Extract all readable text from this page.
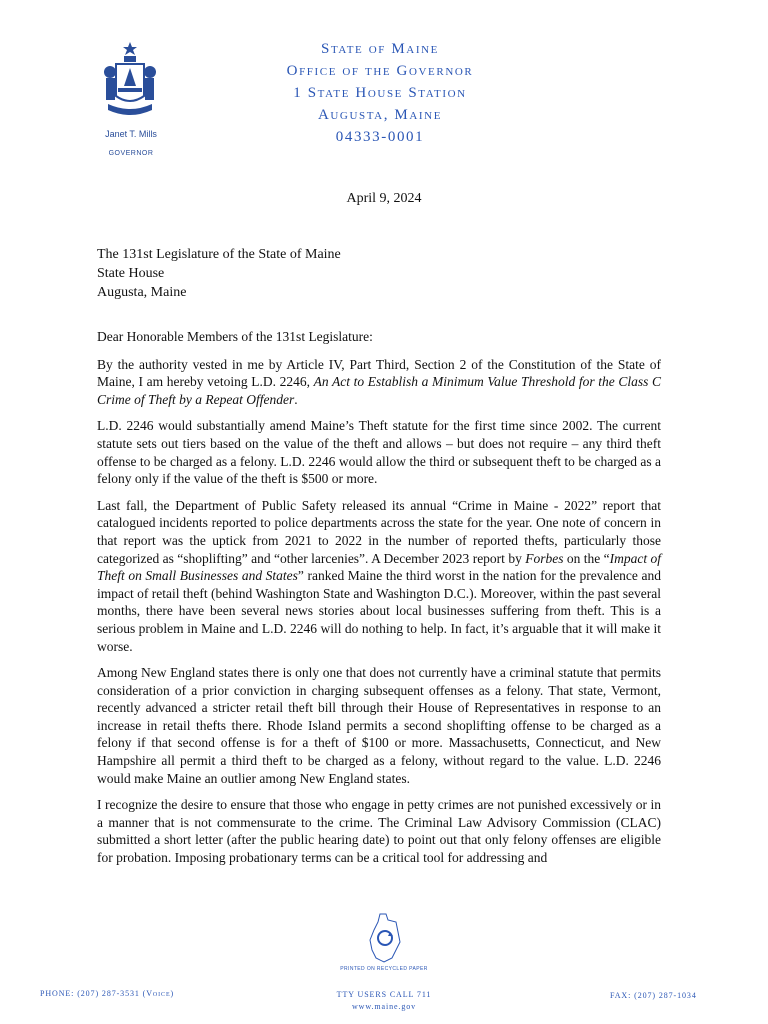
Janet T. Mills
GOVERNOR
State of Maine
Office of the Governor
1 State House Station
Augusta, Maine
04333-0001
April 9, 2024
The 131st Legislature of the State of Maine
State House
Augusta, Maine

Dear Honorable Members of the 131st Legislature:

By the authority vested in me by Article IV, Part Third, Section 2 of the Constitution of the State of Maine, I am hereby vetoing L.D. 2246, An Act to Establish a Minimum Value Threshold for the Class C Crime of Theft by a Repeat Offender.

L.D. 2246 would substantially amend Maine’s Theft statute for the first time since 2002. The current statute sets out tiers based on the value of the theft and allows – but does not require – any third theft offense to be charged as a felony. L.D. 2246 would allow the third or subsequent theft to be charged as a felony only if the value of the theft is $500 or more.

Last fall, the Department of Public Safety released its annual “Crime in Maine - 2022” report that catalogued incidents reported to police departments across the state for the year. One note of concern in that report was the uptick from 2021 to 2022 in the number of reported thefts, particularly those categorized as “shoplifting” and “other larcenies”. A December 2023 report by Forbes on the “Impact of Theft on Small Businesses and States” ranked Maine the third worst in the nation for the prevalence and impact of retail theft (behind Washington State and Washington D.C.). Moreover, within the past several months, there have been several news stories about local businesses suffering from theft. This is a serious problem in Maine and L.D. 2246 will do nothing to help. In fact, it’s arguable that it will make it worse.

Among New England states there is only one that does not currently have a criminal statute that permits consideration of a prior conviction in charging subsequent offenses as a felony. That state, Vermont, recently advanced a stricter retail theft bill through their House of Representatives in response to an increase in retail thefts there. Rhode Island permits a second shoplifting offense to be charged as a felony if that second offense is for a theft of $100 or more. Massachusetts, Connecticut, and New Hampshire all permit a third theft to be charged as a felony, without regard to the value. L.D. 2246 would make Maine an outlier among New England states.

I recognize the desire to ensure that those who engage in petty crimes are not punished excessively or in a manner that is not commensurate to the crime. The Criminal Law Advisory Commission (CLAC) submitted a short letter (after the public hearing date) to point out that only felony offenses are eligible for probation. Imposing probationary terms can be a critical tool for addressing and

PRINTED ON RECYCLED PAPER
PHONE: (207) 287-3531 (Voice)	TTY USERS CALL 711
www.maine.gov
FAX: (207) 287-1034
